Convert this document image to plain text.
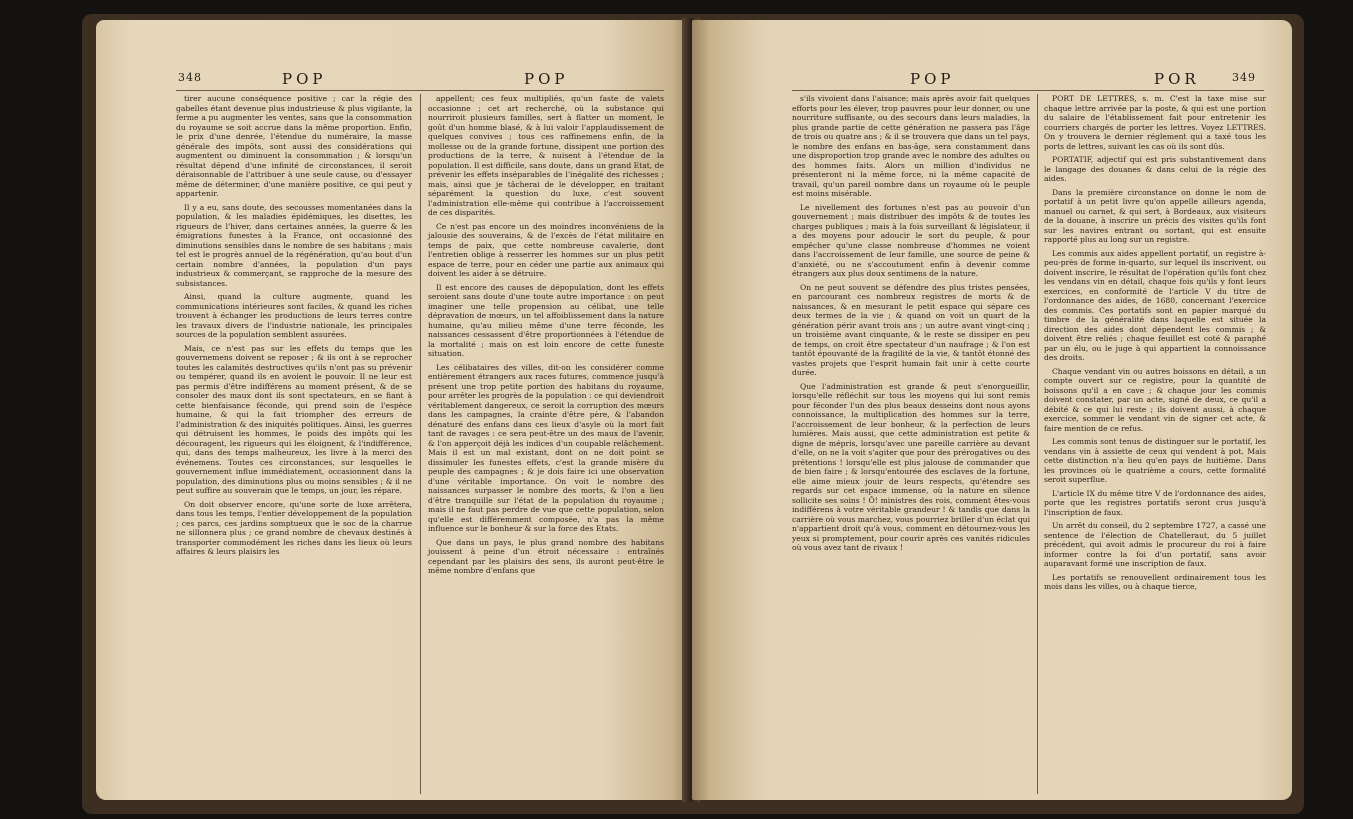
348	POP	POP

tirer aucune conséquence positive ; car la régie des gabelles étant devenue plus industrieuse & plus vigilante, la ferme a pu augmenter les ventes, sans que la consommation du royaume se soit accrue dans la même proportion. Enfin, le prix d'une denrée, l'étendue du numéraire, la masse générale des impôts, sont aussi des considérations qui augmentent ou diminuent la consommation ; & lorsqu'un résultat dépend d'une infinité de circonstances, il seroit déraisonnable de l'attribuer à une seule cause, ou d'essayer même de déterminer, d'une manière positive, ce qui peut y appartenir.

Il y a eu, sans doute, des secousses momentanées dans la population, & les maladies épidémiques, les disettes, les rigueurs de l'hiver, dans certaines années, la guerre & les émigrations funestes à la France, ont occasionné des diminutions sensibles dans le nombre de ses habitans ; mais tel est le progrès annuel de la régénération, qu'au bout d'un certain nombre d'années, la population d'un pays industrieux & commerçant, se rapproche de la mesure des subsistances.

Ainsi, quand la culture augmente, quand les communications intérieures sont faciles, & quand les riches trouvent à échanger les productions de leurs terres contre les travaux divers de l'industrie nationale, les principales sources de la population semblent assurées.

Mais, ce n'est pas sur les effets du temps que les gouvernemens doivent se reposer ; & ils ont à se reprocher toutes les calamités destructives qu'ils n'ont pas su prévenir ou tempérer, quand ils en avoient le pouvoir. Il ne leur est pas permis d'être indifférens au moment présent, & de se consoler des maux dont ils sont spectateurs, en se fiant à cette bienfaisance féconde, qui prend soin de l'espèce humaine, & qui la fait triompher des erreurs de l'administration & des iniquités politiques. Ainsi, les guerres qui détruisent les hommes, le poids des impôts qui les découragent, les rigueurs qui les éloignent, & l'indifférence, qui, dans des temps malheureux, les livre à la merci des événemens. Toutes ces circonstances, sur lesquelles le gouvernement influe immédiatement, occasionnent dans la population, des diminutions plus ou moins sensibles ; & il ne peut suffire au souverain que le temps, un jour, les répare.

On doit observer encore, qu'une sorte de luxe arrêtera, dans tous les temps, l'entier développement de la population ; ces parcs, ces jardins somptueux que le soc de la charrue ne sillonnera plus ; ce grand nombre de chevaux destinés à transporter commodément les riches dans les lieux où leurs affaires & leurs plaisirs les

appellent; ces feux multipliés, qu'un faste de valets occasionne ; cet art recherché, où la substance qui nourriroit plusieurs familles, sert à flatter un moment, le goût d'un homme blasé, & à lui valoir l'applaudissement de quelques convives ; tous ces raffinemens enfin, de la mollesse ou de la grande fortune, dissipent une portion des productions de la terre, & nuisent à l'étendue de la population. Il est difficile, sans doute, dans un grand Etat, de prévenir les effets inséparables de l'inégalité des richesses ; mais, ainsi que je tâcherai de le développer, en traitant séparément la question du luxe, c'est souvent l'administration elle-même qui contribue à l'accroissement de ces disparités.

Ce n'est pas encore un des moindres inconvéniens de la jalousie des souverains, & de l'excès de l'état militaire en temps de paix, que cette nombreuse cavalerie, dont l'entretien oblige à resserrer les hommes sur un plus petit espace de terre, pour en céder une partie aux animaux qui doivent les aider à se détruire.

Il est encore des causes de dépopulation, dont les effets seroient sans doute d'une toute autre importance : on peut imaginer une telle propension au célibat, une telle dépravation de mœurs, un tel affoiblissement dans la nature humaine, qu'au milieu même d'une terre féconde, les naissances cessassent d'être proportionnées à l'étendue de la mortalité ; mais on est loin encore de cette funeste situation.

Les célibataires des villes, dit-on les considérer comme entièrement étrangers aux races futures, commence jusqu'à présent une trop petite portion des habitans du royaume, pour arrêter les progrès de la population : ce qui deviendroit véritablement dangereux, ce seroit la corruption des mœurs dans les campagnes, la crainte d'être père, & l'abandon dénaturé des enfans dans ces lieux d'asyle où la mort fait tant de ravages : ce sera peut-être un des maux de l'avenir, & l'on apperçoit déjà les indices d'un coupable relâchement. Mais il est un mal existant, dont on ne doit point se dissimuler les funestes effets, c'est la grande misère du peuple des campagnes ; & je dois faire ici une observation d'une véritable importance. On voit le nombre des naissances surpasser le nombre des morts, & l'on a lieu d'être tranquille sur l'état de la population du royaume ; mais il ne faut pas perdre de vue que cette population, selon qu'elle est différemment composée, n'a pas la même influence sur le bonheur & sur la force des Etats.

Que dans un pays, le plus grand nombre des habitans jouissent à peine d'un étroit nécessaire : entraînés cependant par les plaisirs des sens, ils auront peut-être le même nombre d'enfans que

POP	POR	349

s'ils vivoient dans l'aisance; mais après avoir fait quelques efforts pour les élever, trop pauvres pour leur donner, ou une nourriture suffisante, ou des secours dans leurs maladies, la plus grande partie de cette génération ne passera pas l'âge de trois ou quatre ans ; & il se trouvera que dans un tel pays, le nombre des enfans en bas-âge, sera constamment dans une disproportion trop grande avec le nombre des adultes ou des hommes faits. Alors un million d'individus ne présenteront ni la même force, ni la même capacité de travail, qu'un pareil nombre dans un royaume où le peuple est moins misérable.

Le nivellement des fortunes n'est pas au pouvoir d'un gouvernement ; mais distribuer des impôts & de toutes les charges publiques ; mais à la fois surveillant & législateur, il a des moyens pour adoucir le sort du peuple, & pour empêcher qu'une classe nombreuse d'hommes ne voient dans l'accroissement de leur famille, une source de peine & d'anxiété, ou ne s'accoutument enfin à devenir comme étrangers aux plus doux sentimens de la nature.

On ne peut souvent se défendre des plus tristes pensées, en parcourant ces nombreux registres de morts & de naissances, & en mesurant le petit espace qui sépare ces deux termes de la vie ; & quand on voit un quart de la génération périr avant trois ans ; un autre avant vingt-cinq ; un troisième avant cinquante, & le reste se dissiper en peu de temps, on croit être spectateur d'un naufrage ; & l'on est tantôt épouvanté de la fragilité de la vie, & tantôt étonné des vastes projets que l'esprit humain fait unir à cette courte durée.

Que l'administration est grande & peut s'enorgueillir, lorsqu'elle réfléchit sur tous les moyens qui lui sont remis pour féconder l'un des plus beaux desseins dont nous ayons connoissance, la multiplication des hommes sur la terre, l'accroissement de leur bonheur, & la perfection de leurs lumières. Mais aussi, que cette administration est petite & digne de mépris, lorsqu'avec une pareille carrière au devant d'elle, on ne la voit s'agiter que pour des prérogatives ou des prétentions ! lorsqu'elle est plus jalouse de commander que de bien faire ; & lorsqu'entourée des esclaves de la fortune, elle aime mieux jouir de leurs respects, qu'étendre ses regards sur cet espace immense, où la nature en silence sollicite ses soins ! Ô! ministres des rois, comment êtes-vous indifférens à votre véritable grandeur ! & tandis que dans la carrière où vous marchez, vous pourriez briller d'un éclat qui n'appartient droit qu'à vous, comment en détournez-vous les yeux si promptement, pour courir après ces vanités ridicules où vous avez tant de rivaux !

PORT DE LETTRES, s. m. C'est la taxe mise sur chaque lettre arrivée par la poste, & qui est une portion du salaire de l'établissement fait pour entretenir les courriers chargés de porter les lettres. Voyez LETTRES. On y trouvera le dernier réglement qui a taxé tous les ports de lettres, suivant les cas où ils sont dûs.

PORTATIF, adjectif qui est pris substantivement dans le langage des douanes & dans celui de la régie des aides.

Dans la première circonstance on donne le nom de portatif à un petit livre qu'on appelle ailleurs agenda, manuel ou carnet, & qui sert, à Bordeaux, aux visiteurs de la douane, à inscrire un précis des visites qu'ils font sur les navires entrant ou sortant, qui est ensuite rapporté plus au long sur un registre.

Les commis aux aides appellent portatif, un registre à-peu-près de forme in-quarto, sur lequel ils inscrivent, ou doivent inscrire, le résultat de l'opération qu'ils font chez les vendans vin en détail, chaque fois qu'ils y font leurs exercices, en conformité de l'article V du titre de l'ordonnance des aides, de 1680, concernant l'exercice des commis. Ces portatifs sont en papier marqué du timbre de la généralité dans laquelle est située la direction des aides dont dépendent les commis ; & doivent être reliés ; chaque feuillet est coté & paraphé par un élu, ou le juge à qui appartient la connoissance des droits.

Chaque vendant vin ou autres boissons en détail, a un compte ouvert sur ce registre, pour la quantité de boissons qu'il a en cave ; & chaque jour les commis doivent constater, par un acte, signé de deux, ce qu'il a débité & ce qui lui reste ; ils doivent aussi, à chaque exercice, sommer le vendant vin de signer cet acte, & faire mention de ce refus.

Les commis sont tenus de distinguer sur le portatif, les vendans vin à assiette de ceux qui vendent à pot. Mais cette distinction n'a lieu qu'en pays de huitième. Dans les provinces où le quatrième a cours, cette formalité seroit superflue.

L'article IX du même titre V de l'ordonnance des aides, porte que les registres portatifs seront crus jusqu'à l'inscription de faux.

Un arrêt du conseil, du 2 septembre 1727, a cassé une sentence de l'élection de Chatelleraut, du 5 juillet précédent, qui avoit admis le procureur du roi à faire informer contre la foi d'un portatif, sans avoir auparavant formé une inscription de faux.

Les portatifs se renouvellent ordinairement tous les mois dans les villes, ou à chaque tierce,
